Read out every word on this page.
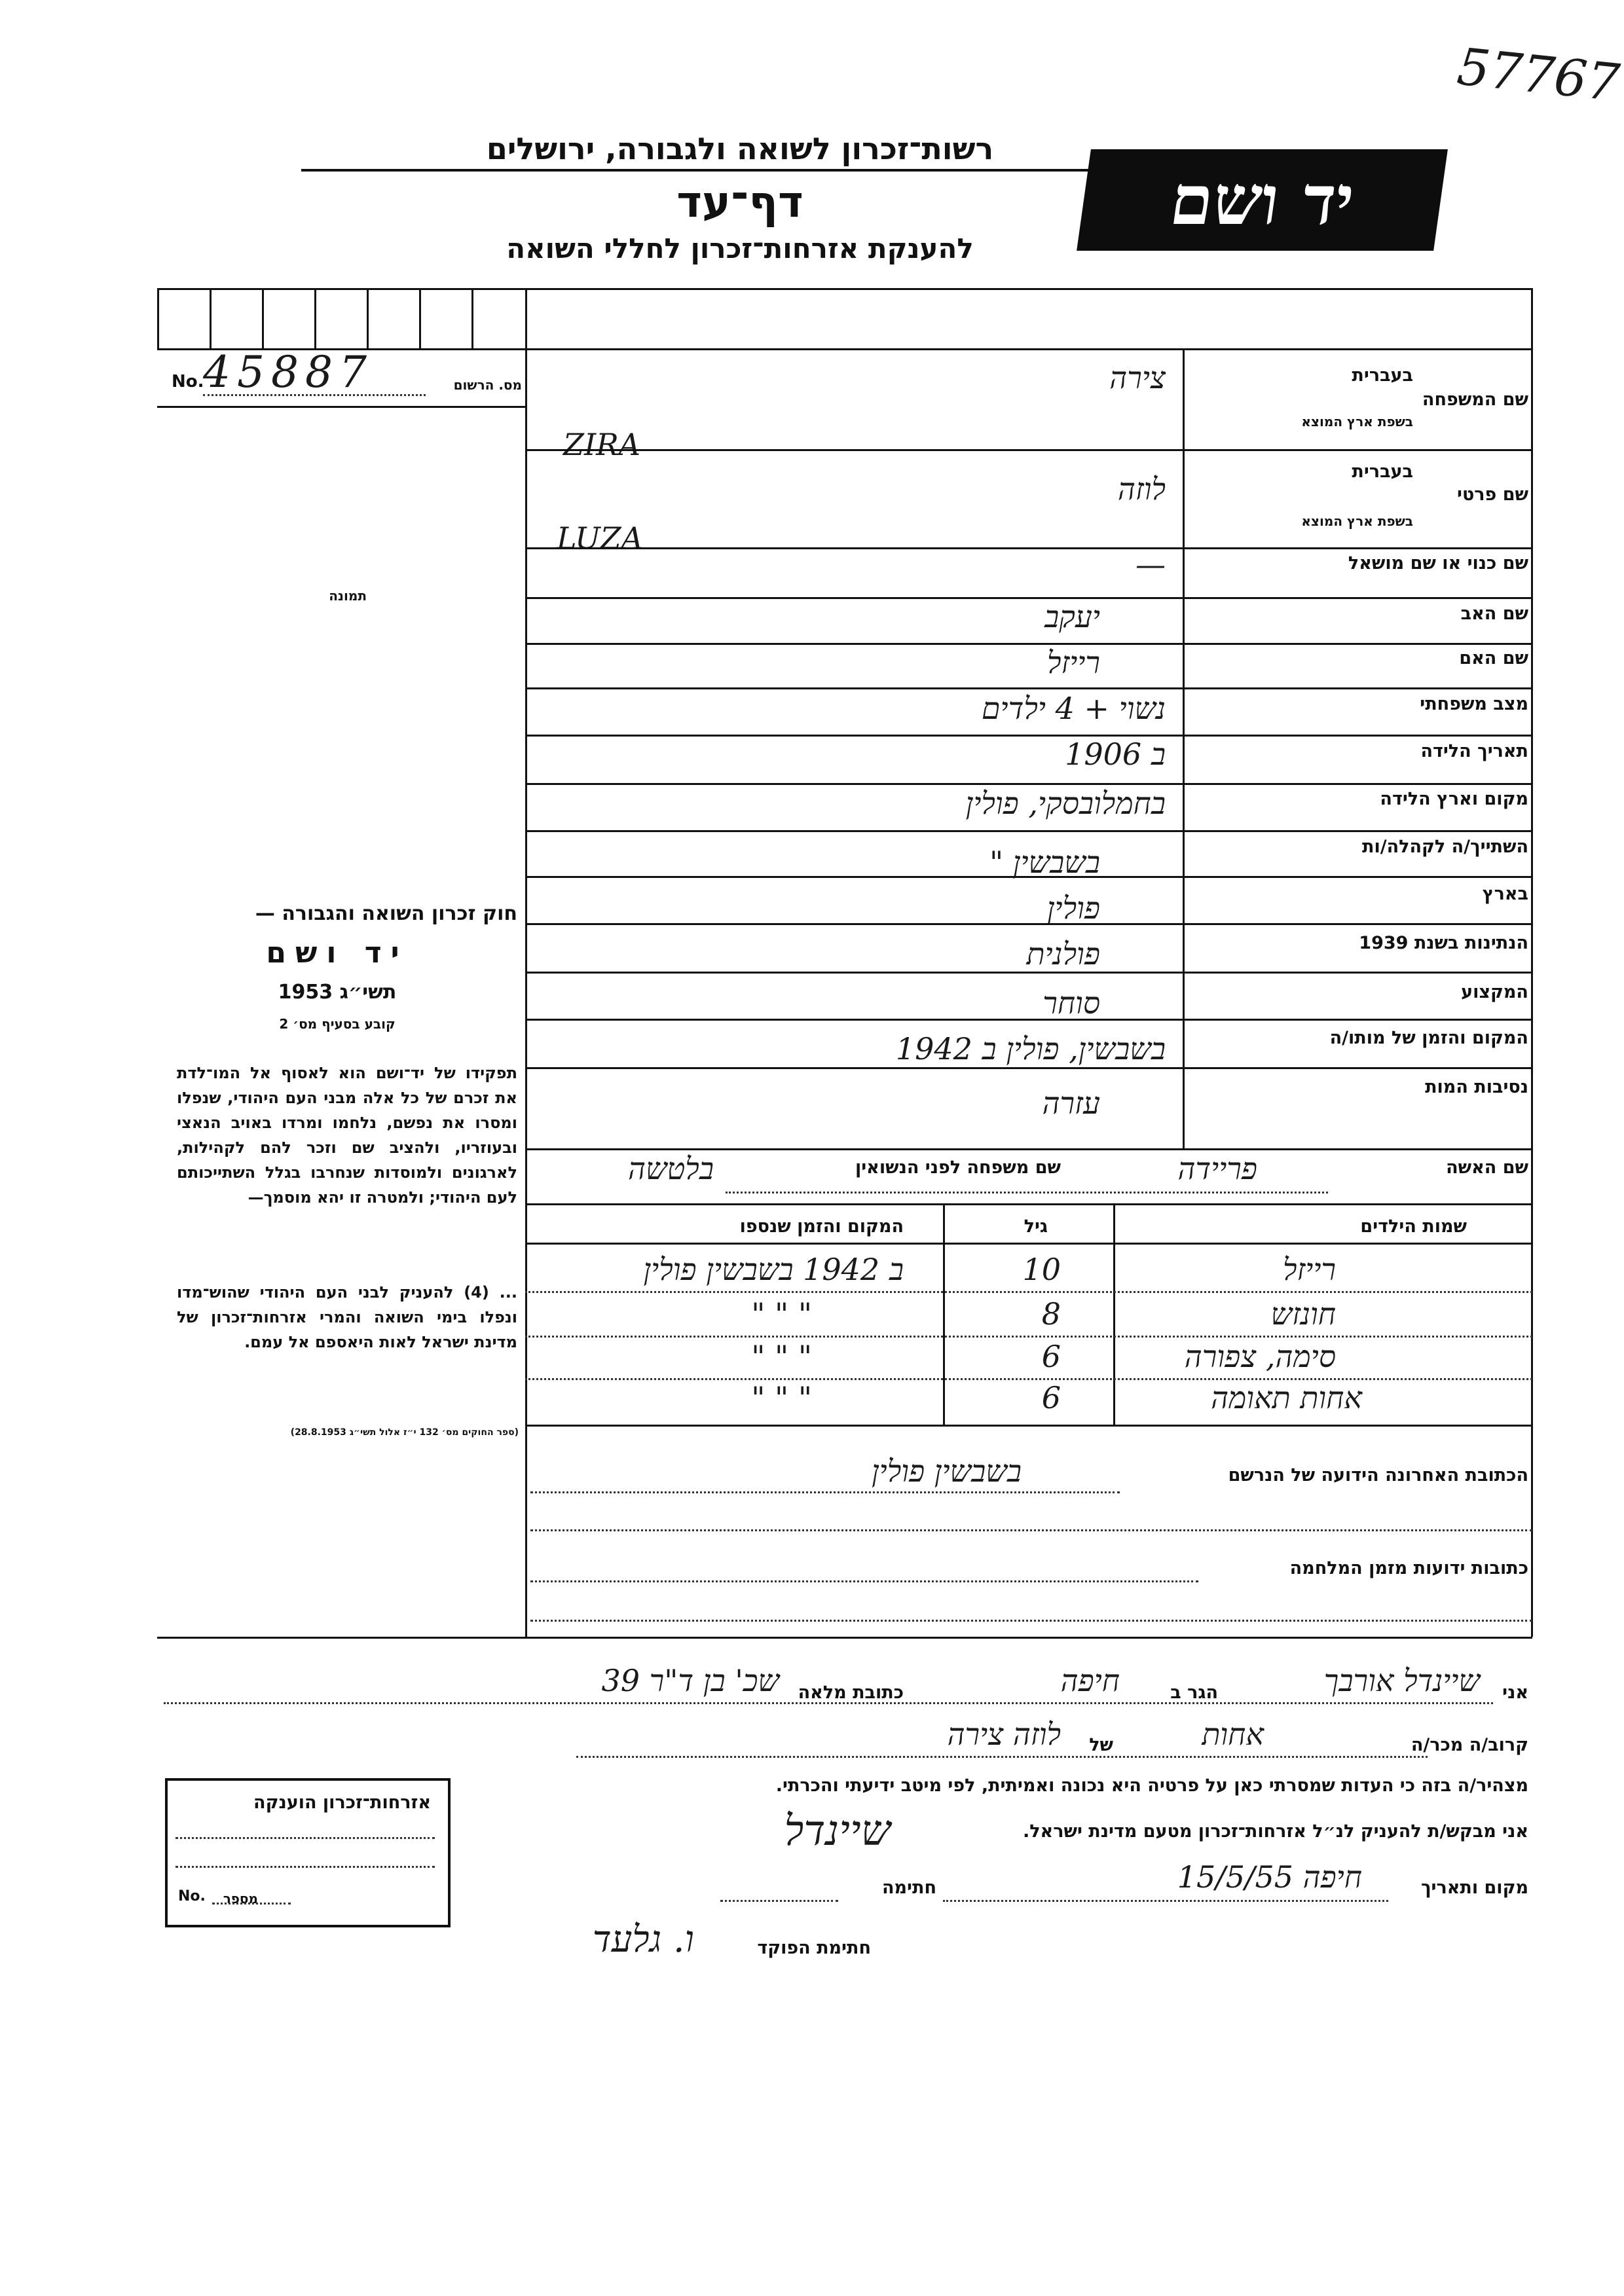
57767
רשות־זכרון לשואה ולגבורה, ירושלים
דף־עד
להענקת אזרחות־זכרון לחללי השואה
יד ושם
No.
45887	מס. הרשום
תמונה
שם המשפחה
בעברית
בשפת ארץ המוצא
צירה
ZIRA
שם פרטי
בעברית
בשפת ארץ המוצא
לוזה
LUZA
שם כנוי או שם מושאל
—
שם האב
יעקב
שם האם
רייזל
מצב משפחתי
נשוי + 4 ילדים
תאריך הלידה
ב 1906
מקום וארץ הלידה
בחמלובסקי, פולין
השתייך/ה לקהלה/ות
בשבשין "
בארץ
פולין
הנתינות בשנת 1939
פולנית
המקצוע
סוחר
המקום והזמן של מותו/ה
בשבשין, פולין ב 1942
נסיבות המות
עזרה
שם האשה
פריידה
שם משפחה לפני הנשואין
בלטשה
שמות הילדים
גיל
המקום והזמן שנספו
רייזל
10
ב 1942 בשבשין פולין
חונזש
8
" " "
סימה, צפורה
6
" " "
אחות תאומה
6
" " "
הכתובת האחרונה הידועה של הנרשם
בשבשין פולין
כתובות ידועות מזמן המלחמה
אני
שיינדל אורבך
הגר ב
חיפה
כתובת מלאה
שכ' בן ד"ר 39
קרוב/ה מכר/ה
אחות
של
לוזה צירה
מצהיר/ה בזה כי העדות שמסרתי כאן על פרטיה היא נכונה ואמיתית, לפי מיטב ידיעתי והכרתי.
אני מבקש/ת להעניק לנ״ל אזרחות־זכרון מטעם מדינת ישראל.
שיינדל
מקום ותאריך
חיפה 15/5/55
חתימה
חתימת הפוקד
ו. גלעד
אזרחות־זכרון הוענקה
No. מספר
חוק זכרון השואה והגבורה —
יד ושם
תשי״ג 1953
קובע בסעיף מס׳ 2
תפקידו של יד־ושם הוא לאסוף אל המו־לדת את זכרם של כל אלה מבני העם היהודי, שנפלו ומסרו את נפשם, נלחמו ומרדו באויב הנאצי ובעוזריו, ולהציב שם וזכר להם לקהילות, לארגונים ולמוסדות שנחרבו בגלל השתייכותם לעם היהודי; ולמטרה זו יהא מוסמך—
... (4) להעניק לבני העם היהודי שהוש־מדו ונפלו בימי השואה והמרי אזרחות־זכרון של מדינת ישראל לאות היאספם אל עמם.
(ספר החוקים מס׳ 132 י״ז אלול תשי״ג 28.8.1953)
